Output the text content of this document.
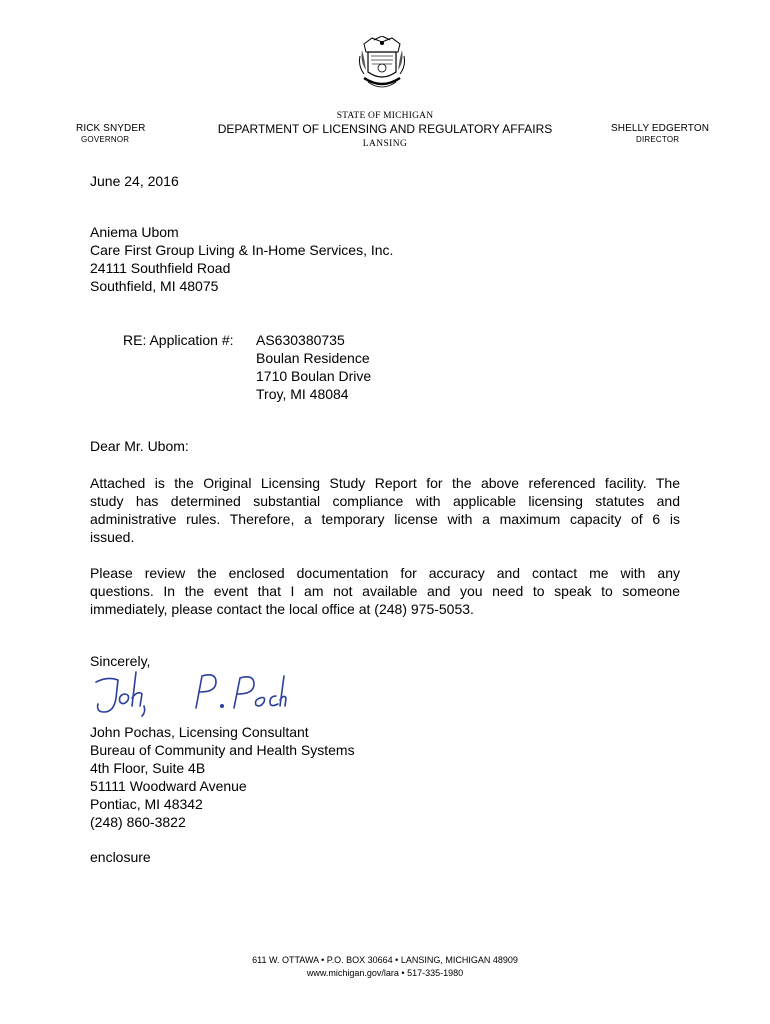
RICK SNYDER
GOVERNOR
STATE OF MICHIGAN
DEPARTMENT OF LICENSING AND REGULATORY AFFAIRS
LANSING
SHELLY EDGERTON
DIRECTOR
June 24, 2016
Aniema Ubom
Care First Group Living & In-Home Services, Inc.
24111 Southfield Road
Southfield, MI 48075
RE: Application #: AS630380735
Boulan Residence
1710 Boulan Drive
Troy, MI 48084
Dear Mr. Ubom:
Attached is the Original Licensing Study Report for the above referenced facility. The
study has determined substantial compliance with applicable licensing statutes and
administrative rules. Therefore, a temporary license with a maximum capacity of 6 is
issued.
Please review the enclosed documentation for accuracy and contact me with any
questions. In the event that I am not available and you need to speak to someone
immediately, please contact the local office at (248) 975-5053.
Sincerely,
John Pochas, Licensing Consultant
Bureau of Community and Health Systems
4th Floor, Suite 4B
51111 Woodward Avenue
Pontiac, MI 48342
(248) 860-3822
enclosure
611 W. OTTAWA • P.O. BOX 30664 • LANSING, MICHIGAN 48909
www.michigan.gov/lara • 517-335-1980
